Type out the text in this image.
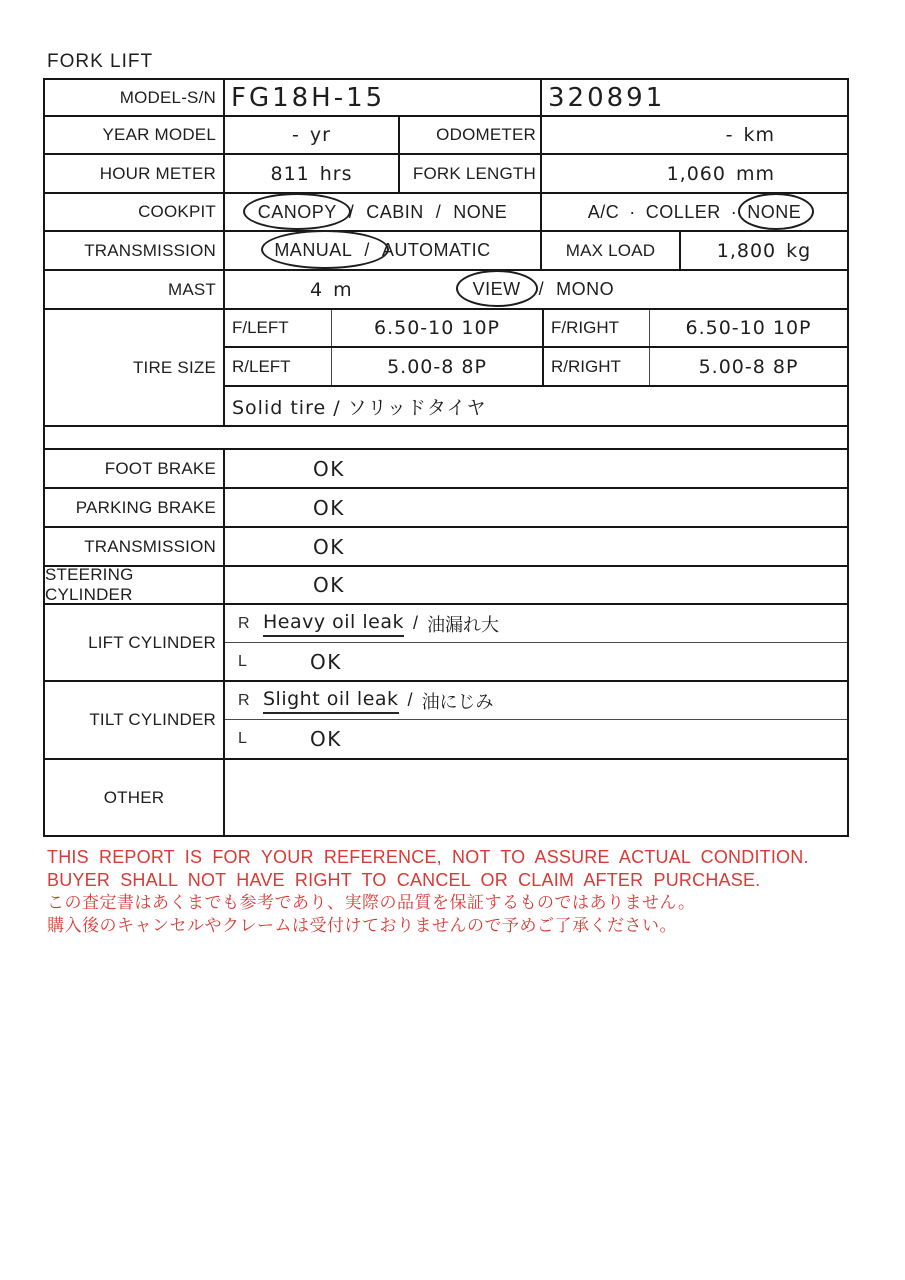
FORK LIFT
MODEL-S/N FG18H-15	320891
YEAR MODEL	- yr	ODOMETER	- km
HOUR METER	811 hrs	FORK LENGTH	1,060 mm
COOKPIT	CANOPY / CABIN / NONE	A/C · COLLER · NONE
TRANSMISSION	MANUAL / AUTOMATIC	MAX LOAD	1,800 kg
MAST	4 m	VIEW / MONO
TIRE SIZE
F/LEFT	6.50-10 10P	F/RIGHT	6.50-10 10P
R/LEFT	5.00-8 8P	R/RIGHT	5.00-8 8P
Solid tire / ソリッドタイヤ
FOOT BRAKE	OK
PARKING BRAKE	OK
TRANSMISSION	OK
STEERING CYLINDER	OK
LIFT CYLINDER
R Heavy oil leak / 油漏れ大
L	OK
TILT CYLINDER
R Slight oil leak / 油にじみ
L	OK
OTHER
THIS REPORT IS FOR YOUR REFERENCE, NOT TO ASSURE ACTUAL CONDITION.
BUYER SHALL NOT HAVE RIGHT TO CANCEL OR CLAIM AFTER PURCHASE.
この査定書はあくまでも参考であり、実際の品質を保証するものではありません。
購入後のキャンセルやクレームは受付けておりませんので予めご了承ください。
